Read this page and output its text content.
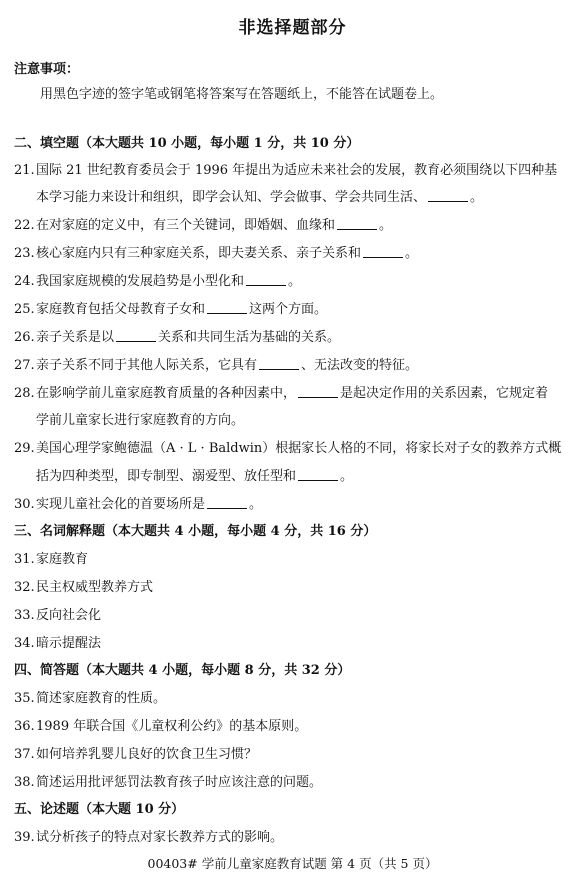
非选择题部分
注意事项：
用黑色字迹的签字笔或钢笔将答案写在答题纸上，不能答在试题卷上。
二、填空题（本大题共 10 小题，每小题 1 分，共 10 分）
21.国际 21 世纪教育委员会于 1996 年提出为适应未来社会的发展，教育必须围绕以下四种基
本学习能力来设计和组织，即学会认知、学会做事、学会共同生活、	。
22.在对家庭的定义中，有三个关键词，即婚姻、血缘和	。
23.核心家庭内只有三种家庭关系，即夫妻关系、亲子关系和	。
24.我国家庭规模的发展趋势是小型化和	。
25.家庭教育包括父母教育子女和	这两个方面。
26.亲子关系是以	关系和共同生活为基础的关系。
27.亲子关系不同于其他人际关系，它具有	、无法改变的特征。
28.在影响学前儿童家庭教育质量的各种因素中，	是起决定作用的关系因素，它规定着
学前儿童家长进行家庭教育的方向。
29.美国心理学家鲍德温（A · L · Baldwin）根据家长人格的不同，将家长对子女的教养方式概
括为四种类型，即专制型、溺爱型、放任型和	。
30.实现儿童社会化的首要场所是	。
三、名词解释题（本大题共 4 小题，每小题 4 分，共 16 分）
31.家庭教育
32.民主权威型教养方式
33.反向社会化
34.暗示提醒法
四、简答题（本大题共 4 小题，每小题 8 分，共 32 分）
35.简述家庭教育的性质。
36.1989 年联合国《儿童权利公约》的基本原则。
37.如何培养乳婴儿良好的饮食卫生习惯？
38.简述运用批评惩罚法教育孩子时应该注意的问题。
五、论述题（本大题 10 分）
39.试分析孩子的特点对家长教养方式的影响。
00403# 学前儿童家庭教育试题 第 4 页（共 5 页）
